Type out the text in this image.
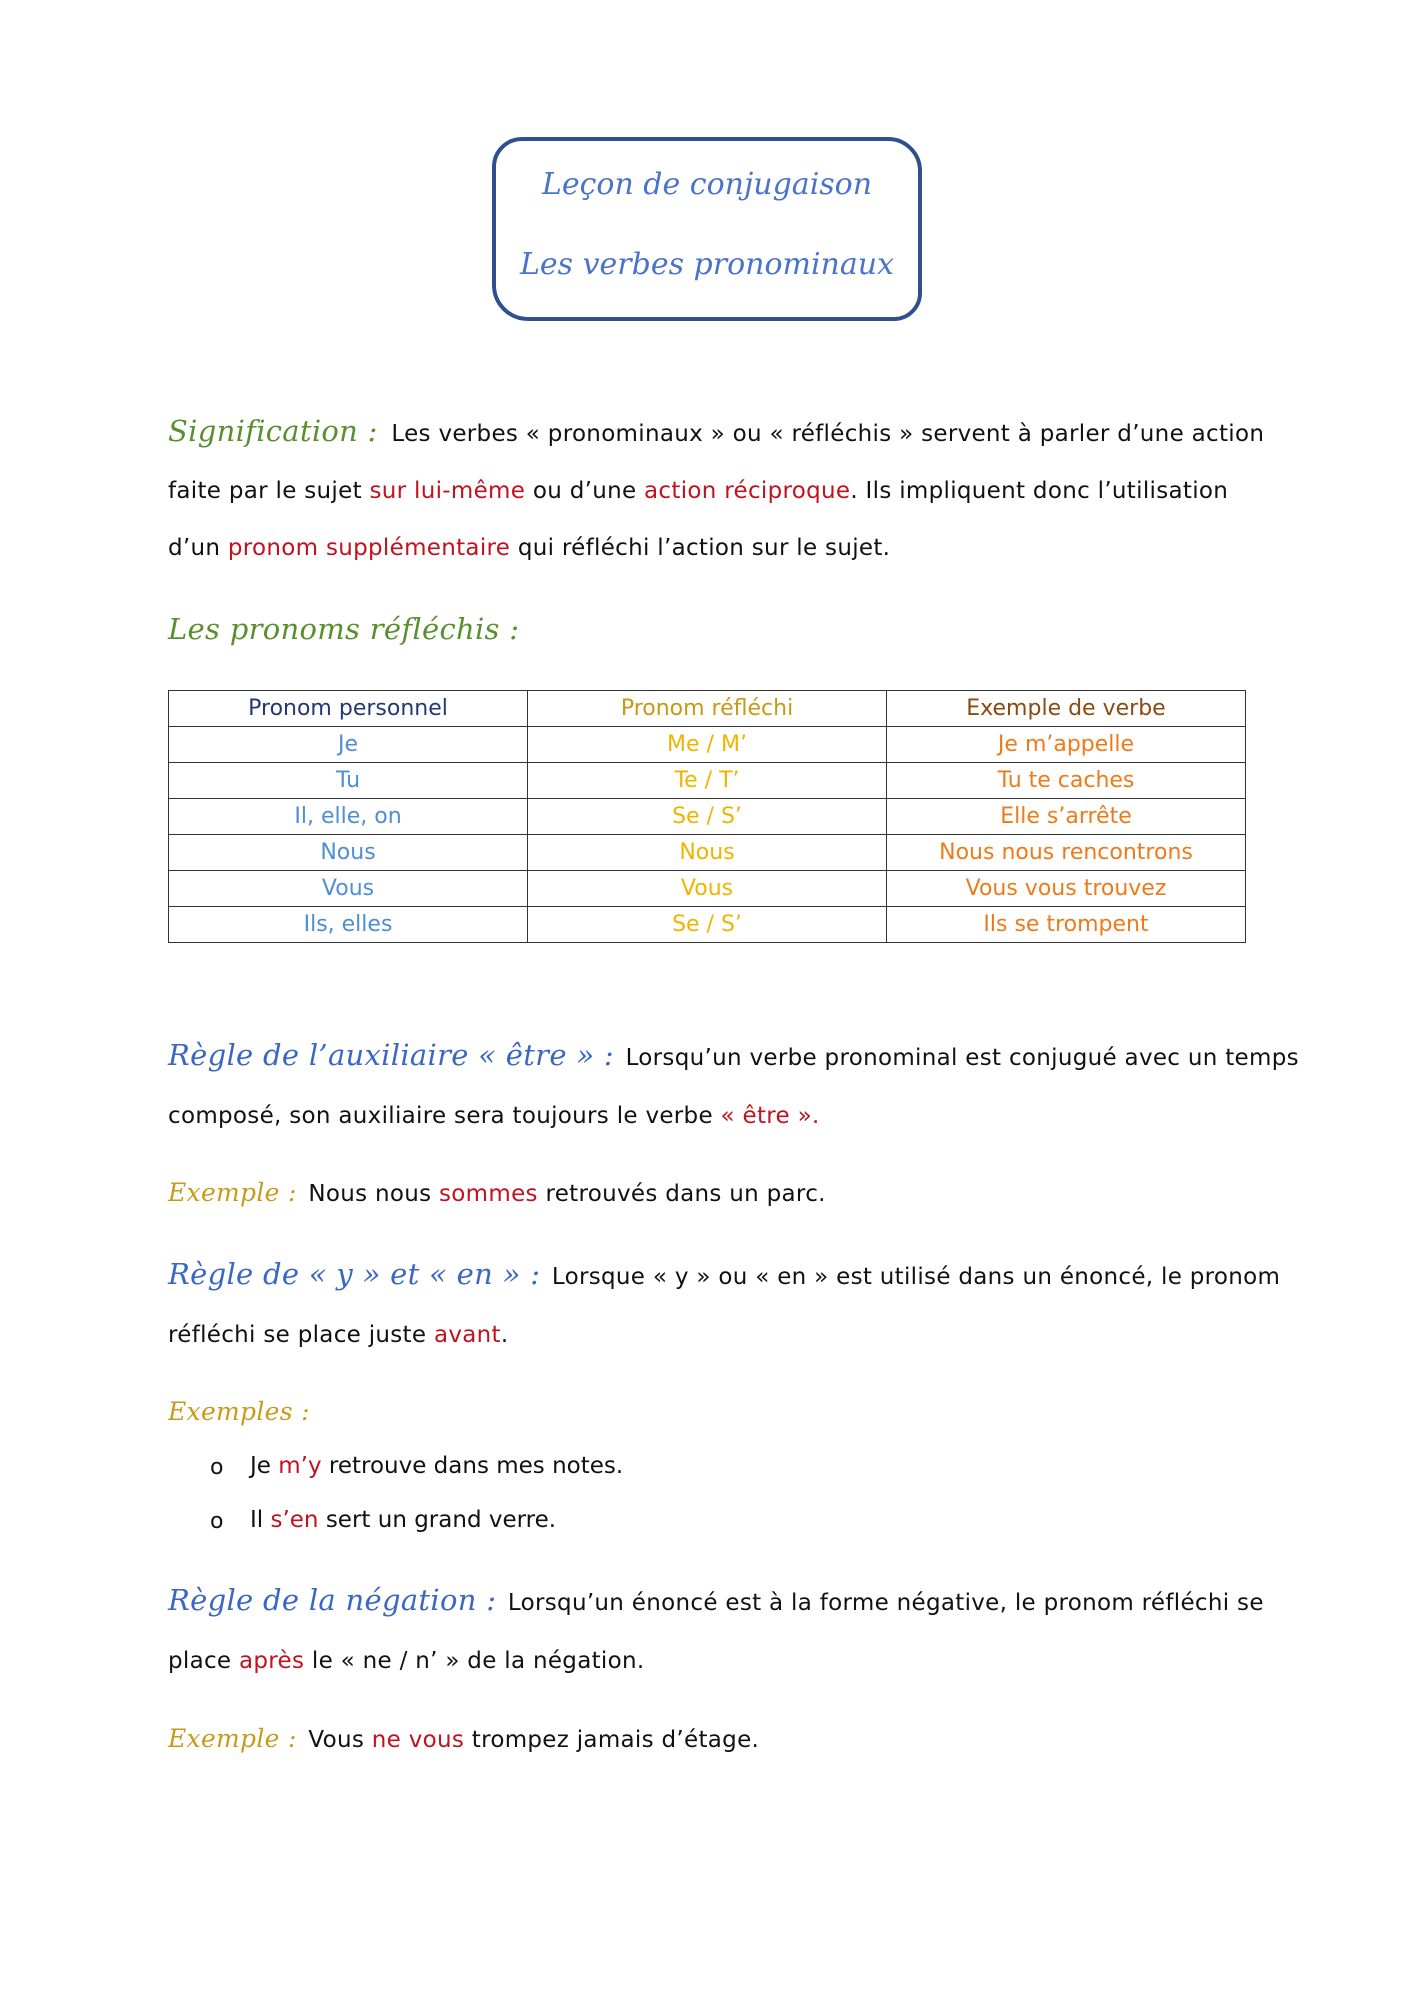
Leçon de conjugaison
Les verbes pronominaux
Signification : Les verbes « pronominaux » ou « réfléchis » servent à parler d’une action
faite par le sujet sur lui-même ou d’une action réciproque. Ils impliquent donc l’utilisation
d’un pronom supplémentaire qui réfléchi l’action sur le sujet.
Les pronoms réfléchis :
Pronom personnel	Pronom réfléchi	Exemple de verbe
Je	Me / M’	Je m’appelle
Tu	Te / T’	Tu te caches
Il, elle, on	Se / S’	Elle s’arrête
Nous	Nous	Nous nous rencontrons
Vous	Vous	Vous vous trouvez
Ils, elles	Se / S’	Ils se trompent
Règle de l’auxiliaire « être » : Lorsqu’un verbe pronominal est conjugué avec un temps
composé, son auxiliaire sera toujours le verbe « être ».
Exemple : Nous nous sommes retrouvés dans un parc.
Règle de « y » et « en » : Lorsque « y » ou « en » est utilisé dans un énoncé, le pronom
réfléchi se place juste avant.
Exemples :
o Je m’y retrouve dans mes notes.
o Il s’en sert un grand verre.
Règle de la négation : Lorsqu’un énoncé est à la forme négative, le pronom réfléchi se
place après le « ne / n’ » de la négation.
Exemple : Vous ne vous trompez jamais d’étage.
